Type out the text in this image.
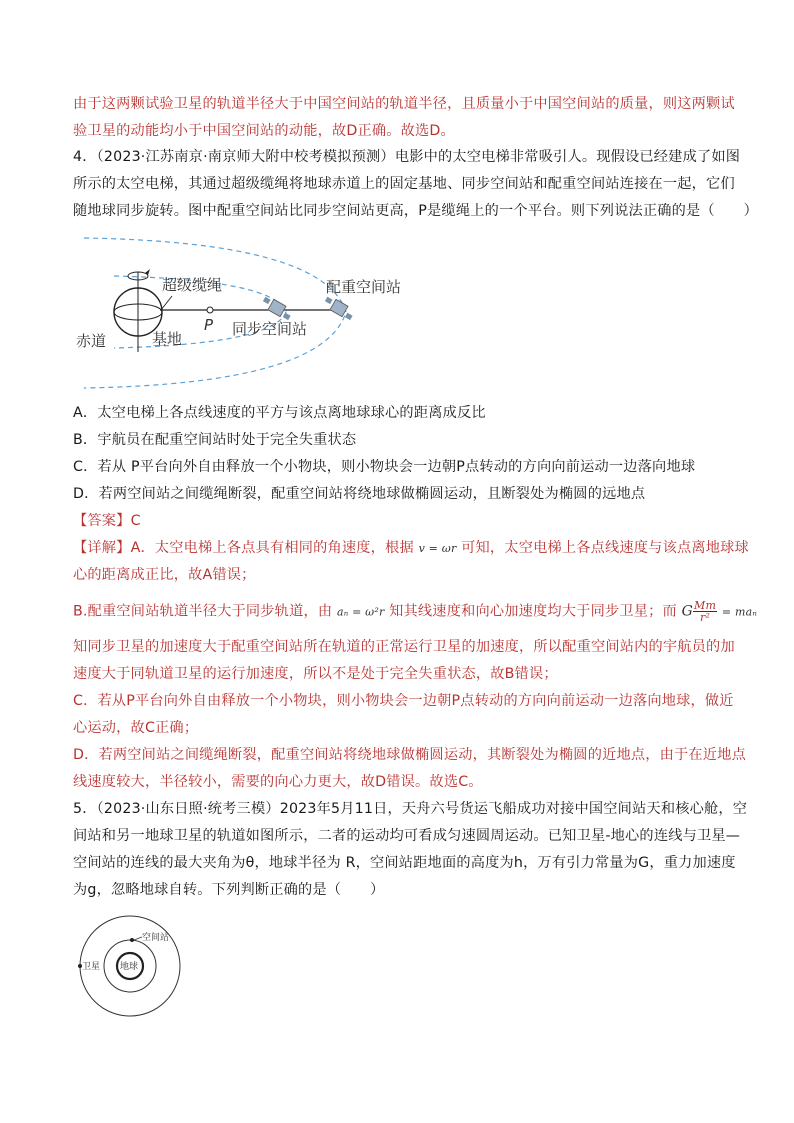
由于这两颗试验卫星的轨道半径大于中国空间站的轨道半径，且质量小于中国空间站的质量，则这两颗试
验卫星的动能均小于中国空间站的动能，故D正确。故选D。
4．（2023·江苏南京·南京师大附中校考模拟预测）电影中的太空电梯非常吸引人。现假设已经建成了如图
所示的太空电梯，其通过超级缆绳将地球赤道上的固定基地、同步空间站和配重空间站连接在一起，它们
随地球同步旋转。图中配重空间站比同步空间站更高，P是缆绳上的一个平台。则下列说法正确的是（　　）
超级缆绳	配重空间站
P 同步空间站
赤道	基地
A．太空电梯上各点线速度的平方与该点离地球球心的距离成反比
B．宇航员在配重空间站时处于完全失重状态
C．若从 P平台向外自由释放一个小物块，则小物块会一边朝P点转动的方向向前运动一边落向地球
D．若两空间站之间缆绳断裂，配重空间站将绕地球做椭圆运动，且断裂处为椭圆的远地点
【答案】C
【详解】A．太空电梯上各点具有相同的角速度，根据 v = ωr 可知，太空电梯上各点线速度与该点离地球球
心的距离成正比，故A错误；
B.配重空间站轨道半径大于同步轨道，由 aₙ = ω²r 知其线速度和向心加速度均大于同步卫星；而 G $\frac{Mm}{\text{r²}} = ma_n$
知同步卫星的加速度大于配重空间站所在轨道的正常运行卫星的加速度，所以配重空间站内的宇航员的加
速度大于同轨道卫星的运行加速度，所以不是处于完全失重状态，故B错误；
C．若从P平台向外自由释放一个小物块，则小物块会一边朝P点转动的方向向前运动一边落向地球，做近
心运动，故C正确；
D．若两空间站之间缆绳断裂，配重空间站将绕地球做椭圆运动，其断裂处为椭圆的近地点，由于在近地点
线速度较大，半径较小，需要的向心力更大，故D错误。故选C。
5．（2023·山东日照·统考三模）2023年5月11日，天舟六号货运飞船成功对接中国空间站天和核心舱，空
间站和另一地球卫星的轨道如图所示，二者的运动均可看成匀速圆周运动。已知卫星-地心的连线与卫星—
空间站的连线的最大夹角为θ，地球半径为 R，空间站距地面的高度为h，万有引力常量为G，重力加速度
为g，忽略地球自转。下列判断正确的是（　　）
空间站
卫星 地球
